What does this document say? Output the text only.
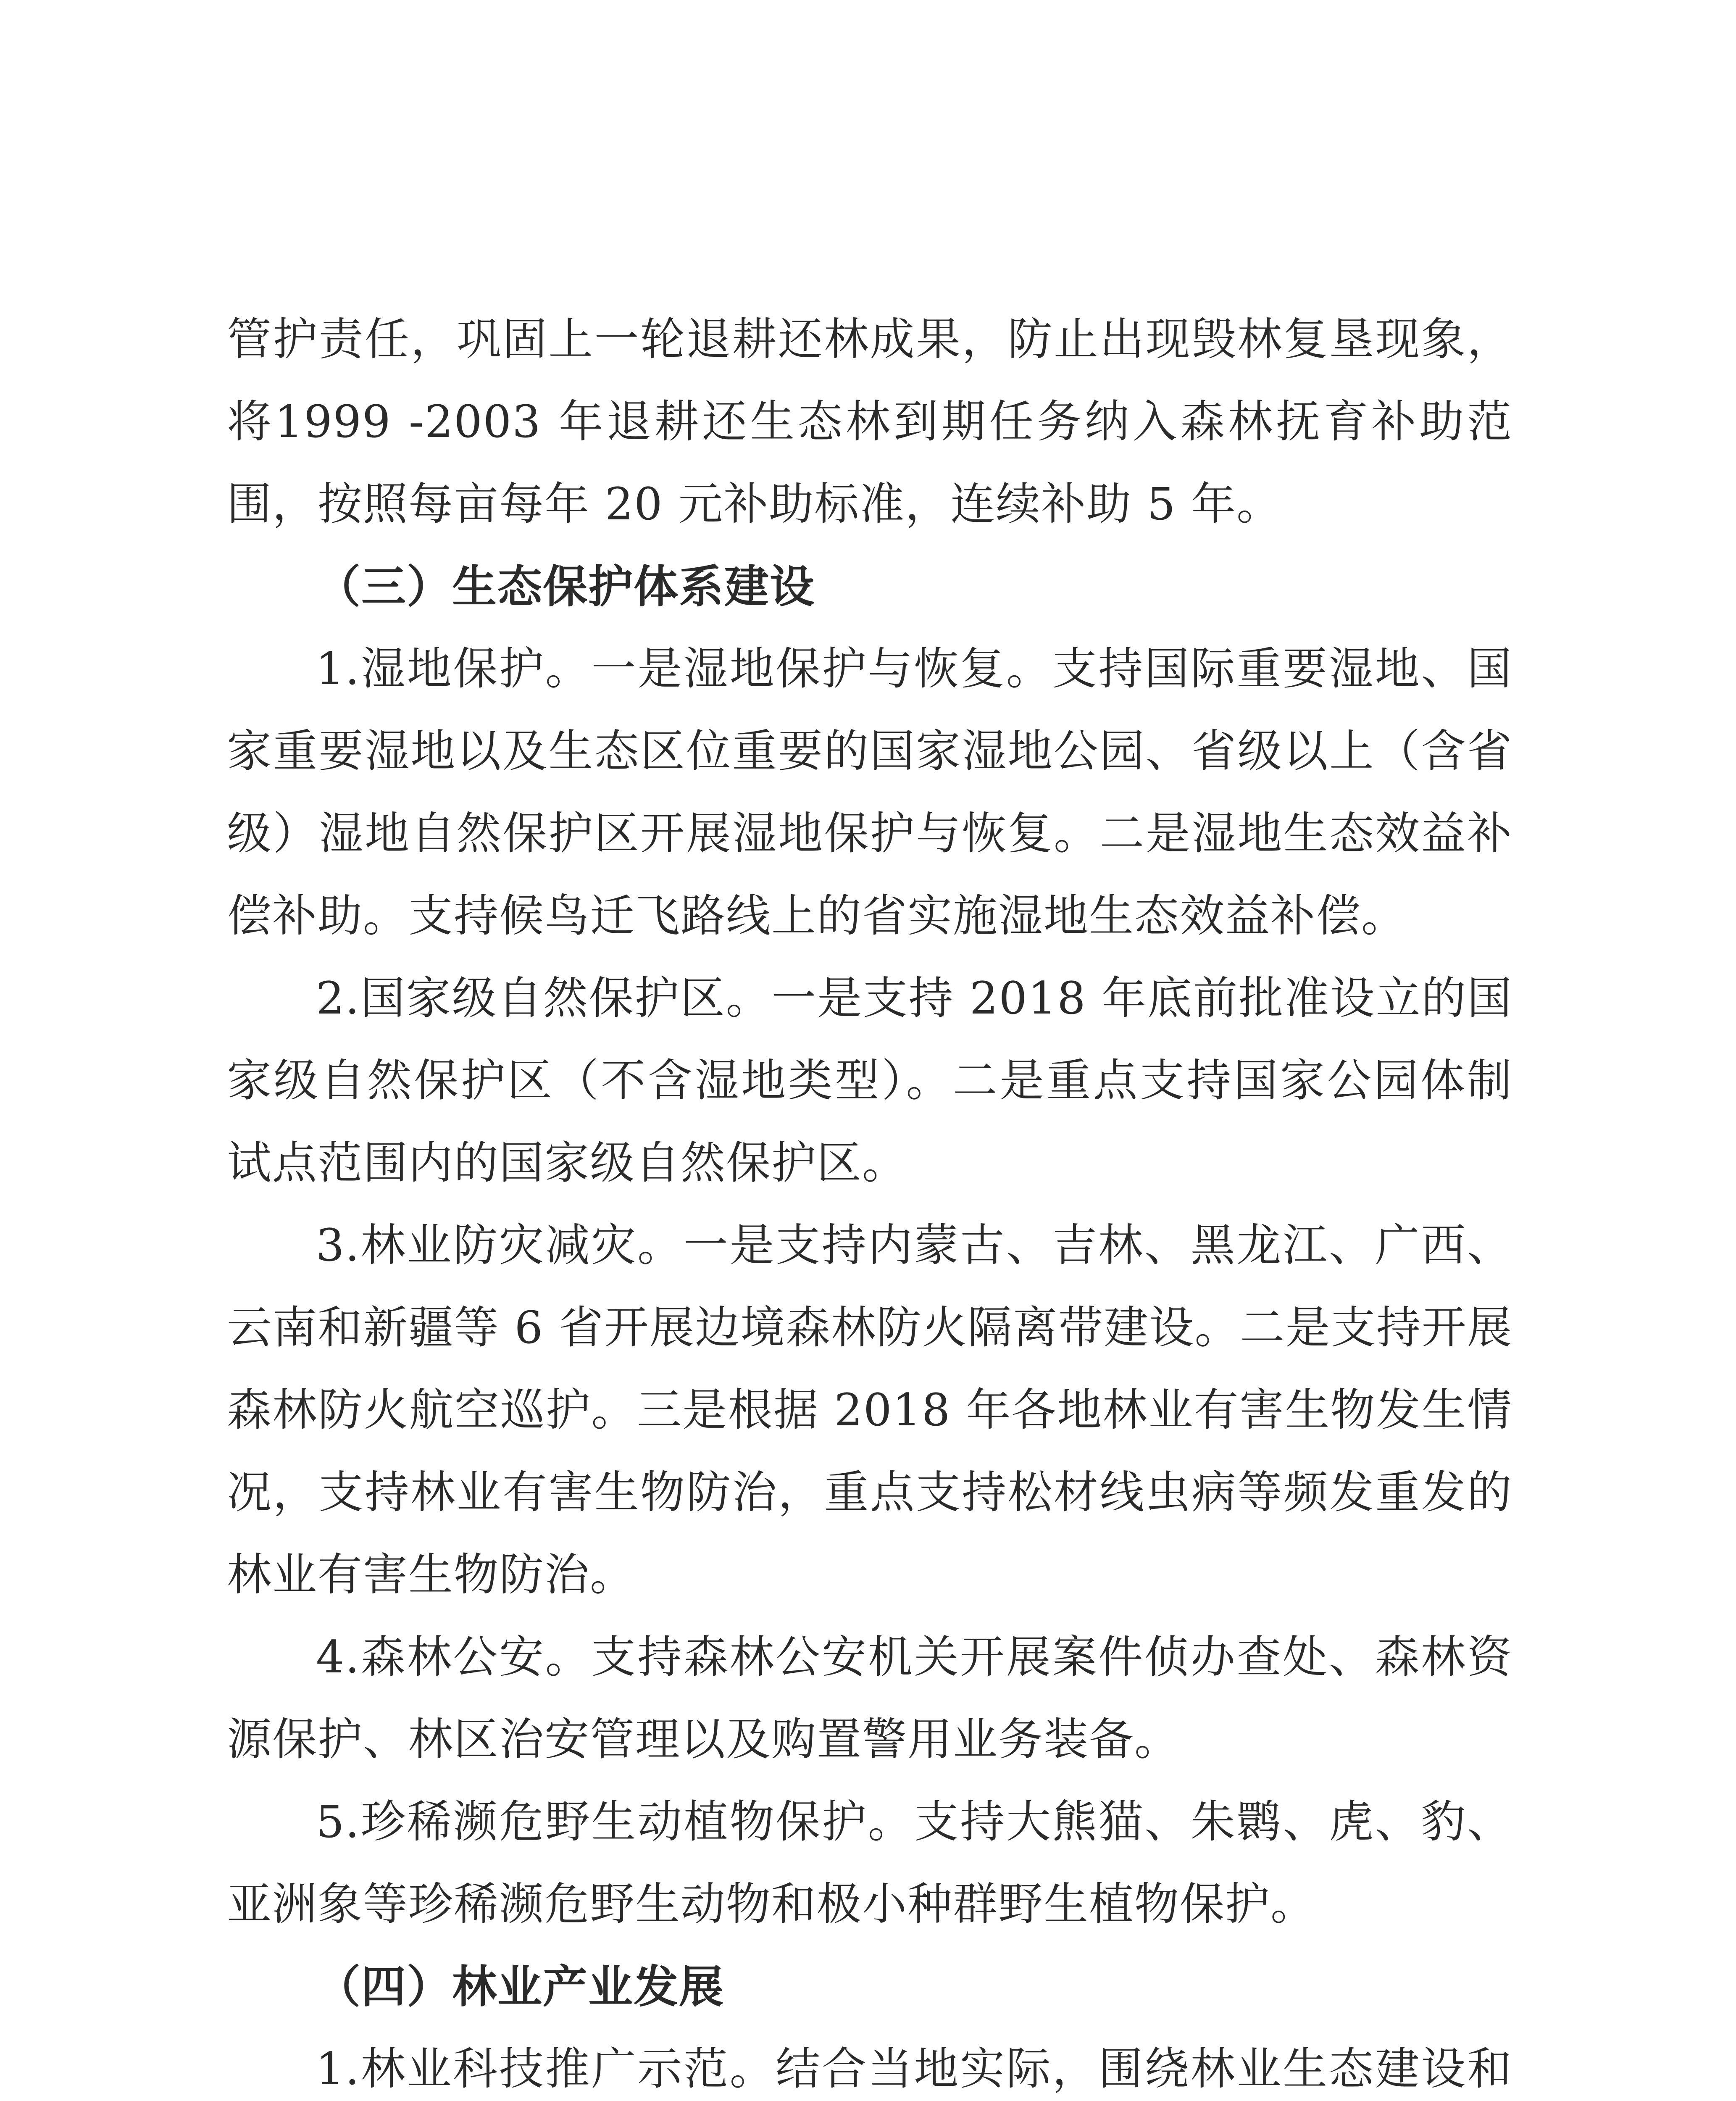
管护责任，巩固上一轮退耕还林成果，防止出现毁林复垦现象，将1999 -2003 年退耕还生态林到期任务纳入森林抚育补助范围，按照每亩每年 20 元补助标准，连续补助 5 年。

（三）生态保护体系建设

1.湿地保护。一是湿地保护与恢复。支持国际重要湿地、国家重要湿地以及生态区位重要的国家湿地公园、省级以上（含省级）湿地自然保护区开展湿地保护与恢复。二是湿地生态效益补偿补助。支持候鸟迁飞路线上的省实施湿地生态效益补偿。

2.国家级自然保护区。一是支持 2018 年底前批准设立的国家级自然保护区（不含湿地类型）。二是重点支持国家公园体制试点范围内的国家级自然保护区。

3.林业防灾减灾。一是支持内蒙古、吉林、黑龙江、广西、云南和新疆等 6 省开展边境森林防火隔离带建设。二是支持开展森林防火航空巡护。三是根据 2018 年各地林业有害生物发生情况，支持林业有害生物防治，重点支持松材线虫病等频发重发的林业有害生物防治。

4.森林公安。支持森林公安机关开展案件侦办查处、森林资源保护、林区治安管理以及购置警用业务装备。

5.珍稀濒危野生动植物保护。支持大熊猫、朱鹮、虎、豹、亚洲象等珍稀濒危野生动物和极小种群野生植物保护。

（四）林业产业发展

1.林业科技推广示范。结合当地实际，围绕林业生态建设和
